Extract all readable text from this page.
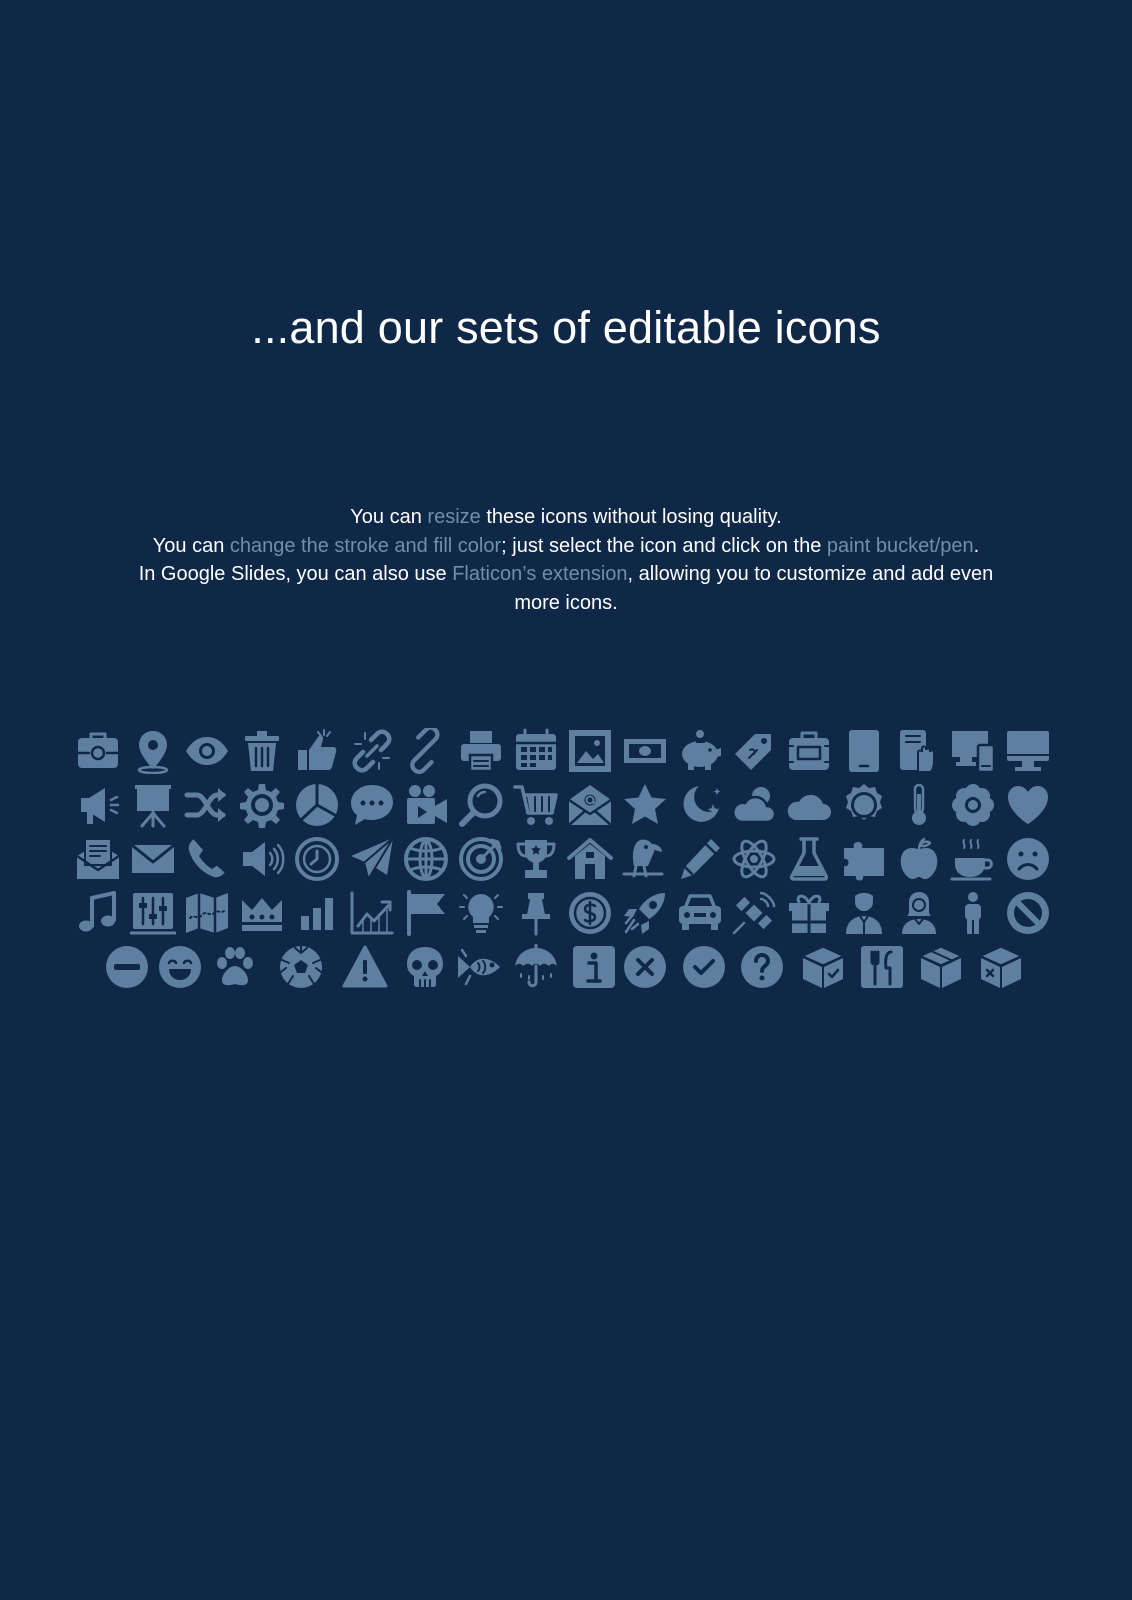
...and our sets of editable icons

You can resize these icons without losing quality.
You can change the stroke and fill color; just select the icon and click on the paint bucket/pen.
In Google Slides, you can also use Flaticon’s extension, allowing you to customize and add even
more icons.
